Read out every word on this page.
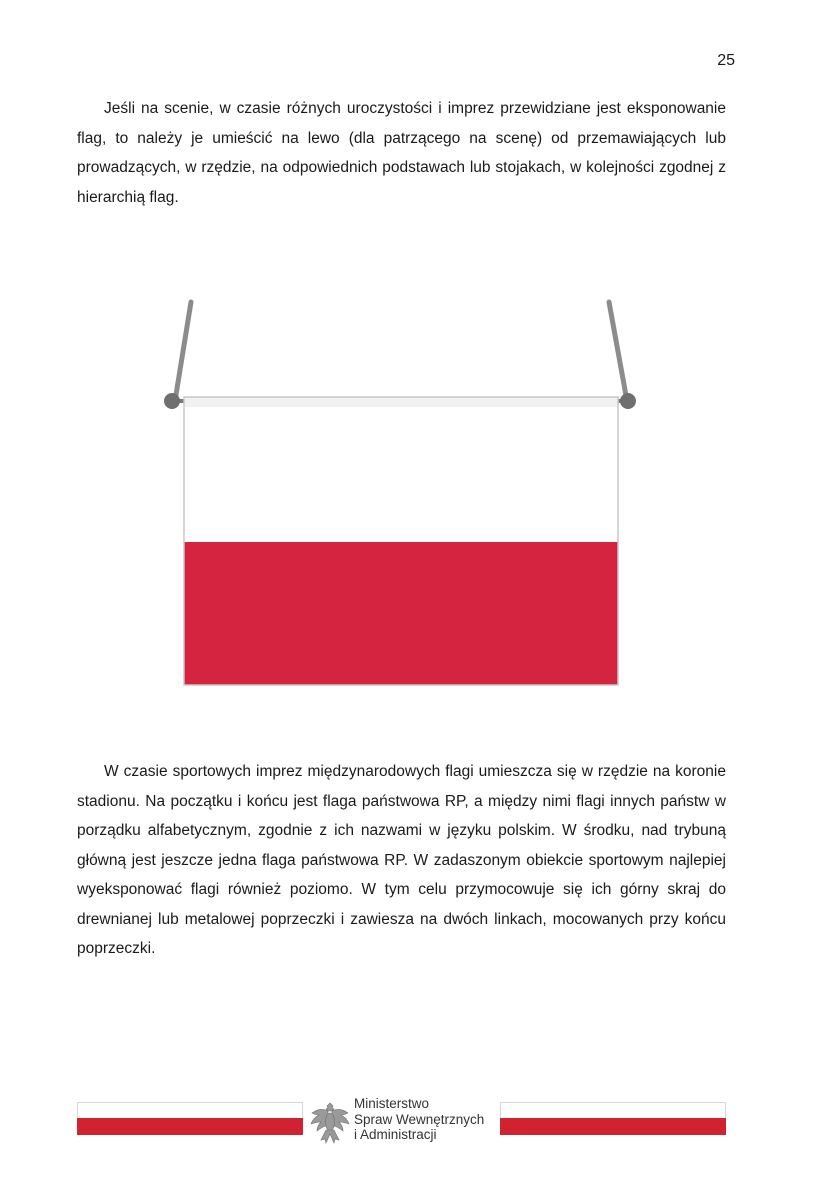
25

Jeśli na scenie, w czasie różnych uroczystości i imprez przewidziane jest eksponowanie flag, to należy je umieścić na lewo (dla patrzącego na scenę) od przemawiających lub prowadzących, w rzędzie, na odpowiednich podstawach lub stojakach, w kolejności zgodnej z hierarchią flag.

W czasie sportowych imprez międzynarodowych flagi umieszcza się w rzędzie na koronie stadionu. Na początku i końcu jest flaga państwowa RP, a między nimi flagi innych państw w porządku alfabetycznym, zgodnie z ich nazwami w języku polskim. W środku, nad trybuną główną jest jeszcze jedna flaga państwowa RP. W zadaszonym obiekcie sportowym najlepiej wyeksponować flagi również poziomo. W tym celu przymocowuje się ich górny skraj do drewnianej lub metalowej poprzeczki i zawiesza na dwóch linkach, mocowanych przy końcu poprzeczki.

Ministerstwo
Spraw Wewnętrznych
i Administracji
